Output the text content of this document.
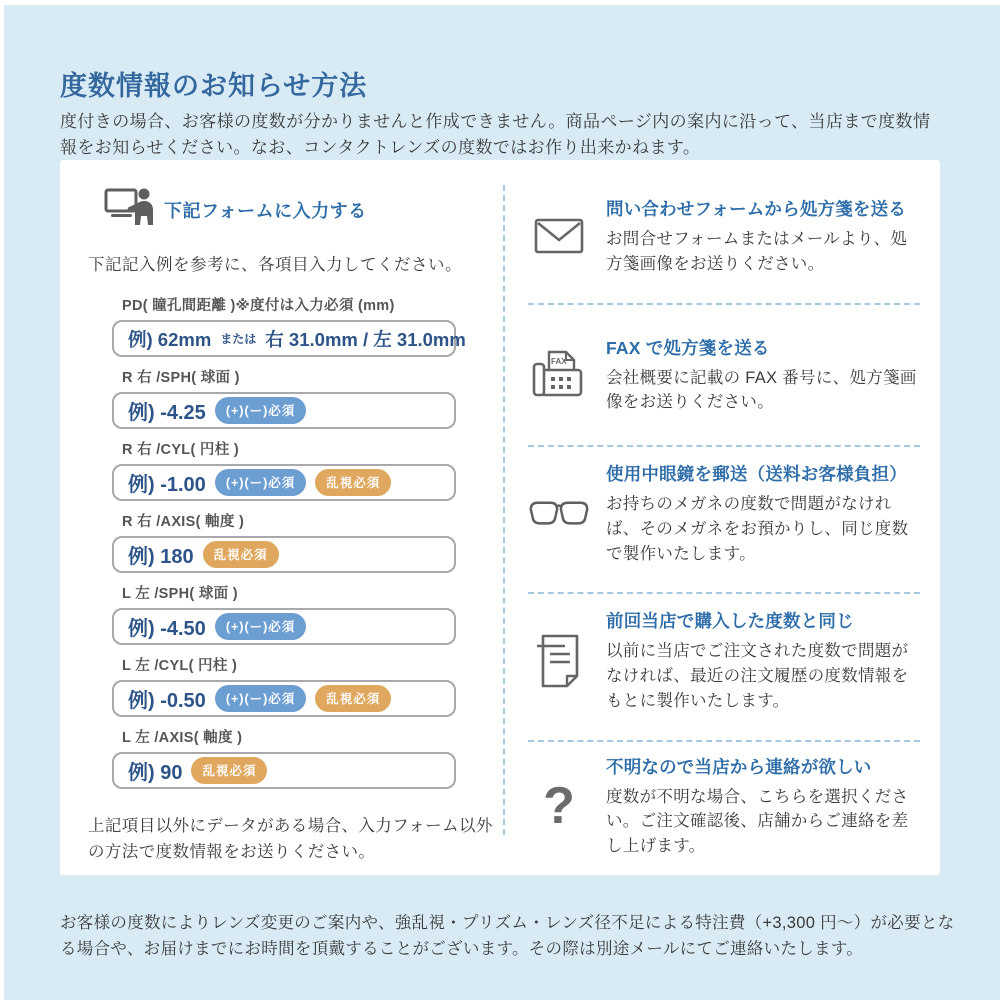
度数情報のお知らせ方法

度付きの場合、お客様の度数が分かりませんと作成できません。商品ページ内の案内に沿って、当店まで度数情報をお知らせください。なお、コンタクトレンズの度数ではお作り出来かねます。

下記フォームに入力する
下記記入例を参考に、各項目入力してください。
PD( 瞳孔間距離 )※度付は入力必須 (mm)
例) 62mm または 右 31.0mm / 左 31.0mm
R 右 /SPH( 球面 )
例) -4.25	(+)(ー)必須
R 右 /CYL( 円柱 )
例) -1.00	(+)(ー)必須	乱視必須
R 右 /AXIS( 軸度 )
例) 180	乱視必須
L 左 /SPH( 球面 )
例) -4.50	(+)(ー)必須
L 左 /CYL( 円柱 )
例) -0.50	(+)(ー)必須	乱視必須
L 左 /AXIS( 軸度 )
例) 90	乱視必須
上記項目以外にデータがある場合、入力フォーム以外の方法で度数情報をお送りください。
問い合わせフォームから処方箋を送る
お問合せフォームまたはメールより、処方箋画像をお送りください。
FAX
FAX で処方箋を送る
会社概要に記載の FAX 番号に、処方箋画像をお送りください。
使用中眼鏡を郵送（送料お客様負担）
お持ちのメガネの度数で問題がなければ、そのメガネをお預かりし、同じ度数で製作いたします。
前回当店で購入した度数と同じ
以前に当店でご注文された度数で問題がなければ、最近の注文履歴の度数情報をもとに製作いたします。
?
不明なので当店から連絡が欲しい
度数が不明な場合、こちらを選択ください。ご注文確認後、店舗からご連絡を差し上げます。

お客様の度数によりレンズ変更のご案内や、強乱視・プリズム・レンズ径不足による特注費（+3,300 円〜）が必要となる場合や、お届けまでにお時間を頂戴することがございます。その際は別途メールにてご連絡いたします。
